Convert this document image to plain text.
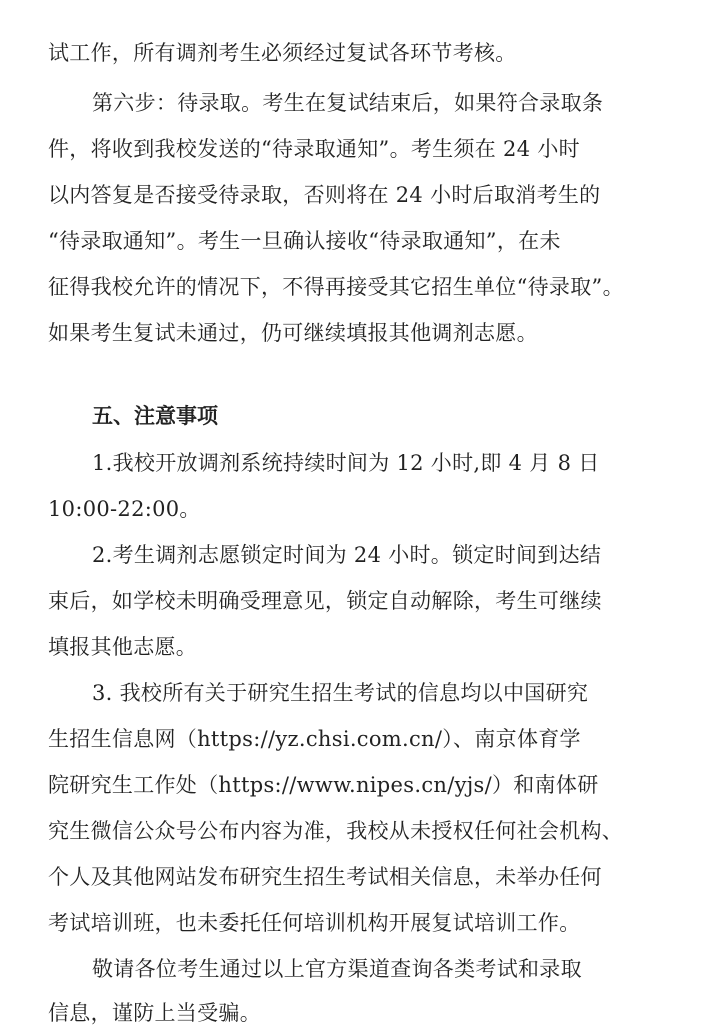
试工作，所有调剂考生必须经过复试各环节考核。
第六步：待录取。考生在复试结束后，如果符合录取条
件，将收到我校发送的“待录取通知”。考生须在 24 小时
以内答复是否接受待录取，否则将在 24 小时后取消考生的
“待录取通知”。考生一旦确认接收“待录取通知”，在未
征得我校允许的情况下，不得再接受其它招生单位“待录取”。
如果考生复试未通过，仍可继续填报其他调剂志愿。
五、注意事项
1.我校开放调剂系统持续时间为 12 小时,即 4 月 8 日
10:00-22:00。
2.考生调剂志愿锁定时间为 24 小时。锁定时间到达结
束后，如学校未明确受理意见，锁定自动解除，考生可继续
填报其他志愿。
3. 我校所有关于研究生招生考试的信息均以中国研究
生招生信息网（https://yz.chsi.com.cn/）、南京体育学
院研究生工作处（https://www.nipes.cn/yjs/）和南体研
究生微信公众号公布内容为准，我校从未授权任何社会机构、
个人及其他网站发布研究生招生考试相关信息，未举办任何
考试培训班，也未委托任何培训机构开展复试培训工作。
敬请各位考生通过以上官方渠道查询各类考试和录取
信息，谨防上当受骗。
